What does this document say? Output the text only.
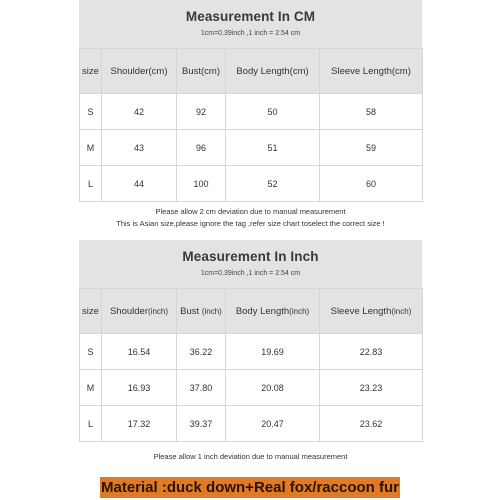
Measurement In CM
1cm=0.39inch ,1 inch = 2.54 cm
size	Shoulder(cm)	Bust(cm)	Body Length(cm)	Sleeve Length(cm)
S	42	92	50	58
M	43	96	51	59
L	44	100	52	60
Please allow 2 cm deviation due to manual measurement
This is Asian size,please ignore the tag ,refer size chart toselect the correct size !
Measurement In Inch
1cm=0.39inch ,1 inch = 2.54 cm
size	Shoulder(inch)	Bust (inch)	Body Length(inch)	Sleeve Length(inch)
S	16.54	36.22	19.69	22.83
M	16.93	37.80	20.08	23.23
L	17.32	39.37	20.47	23.62
Please allow 1 inch deviation due to manual measurement
Material :duck down+Real fox/raccoon fur
